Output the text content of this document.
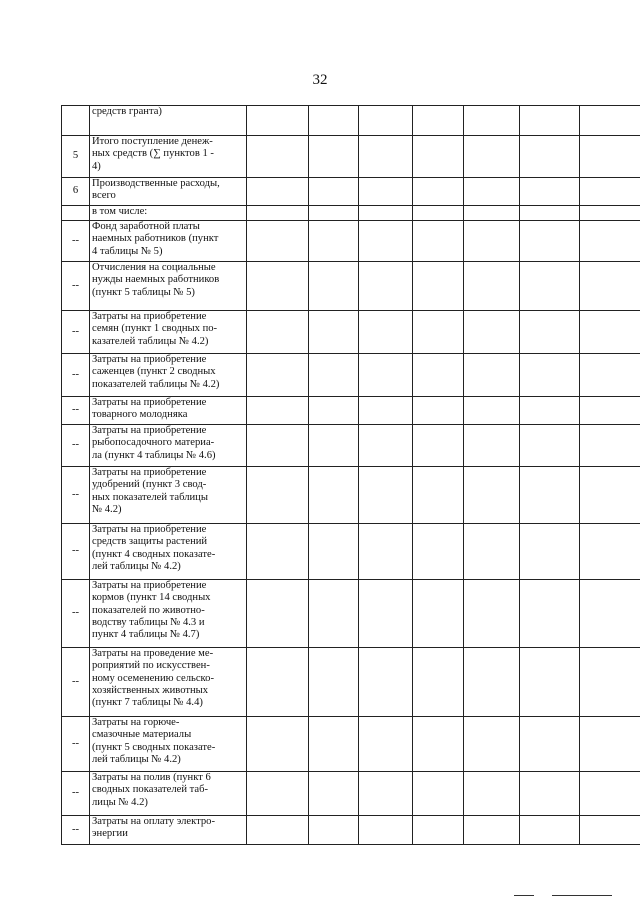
32
	средств гранта)							
5	Итого поступление денеж-
ных средств (∑ пунктов 1 -
4)							
6	Производственные расходы,
всего							
	в том числе:							
--	Фонд заработной платы
наемных работников (пункт
4 таблицы № 5)							
--	Отчисления на социальные
нужды наемных работников
(пункт 5 таблицы № 5)							
--	Затраты на приобретение
семян (пункт 1 сводных по-
казателей таблицы № 4.2)							
--	Затраты на приобретение
саженцев (пункт 2 сводных
показателей таблицы № 4.2)							
--	Затраты на приобретение
товарного молодняка							
--	Затраты на приобретение
рыбопосадочного материа-
ла (пункт 4 таблицы № 4.6)							
--	Затраты на приобретение
удобрений (пункт 3 свод-
ных показателей таблицы
№ 4.2)							
--	Затраты на приобретение
средств защиты растений
(пункт 4 сводных показате-
лей таблицы № 4.2)							
--	Затраты на приобретение
кормов (пункт 14 сводных
показателей по животно-
водству таблицы № 4.3 и
пункт 4 таблицы № 4.7)							
--	Затраты на проведение ме-
роприятий по искусствен-
ному осеменению сельско-
хозяйственных животных
(пункт 7 таблицы № 4.4)							
--	Затраты на горюче-
смазочные материалы
(пункт 5 сводных показате-
лей таблицы № 4.2)							
--	Затраты на полив (пункт 6
сводных показателей таб-
лицы № 4.2)							
--	Затраты на оплату электро-
энергии							
